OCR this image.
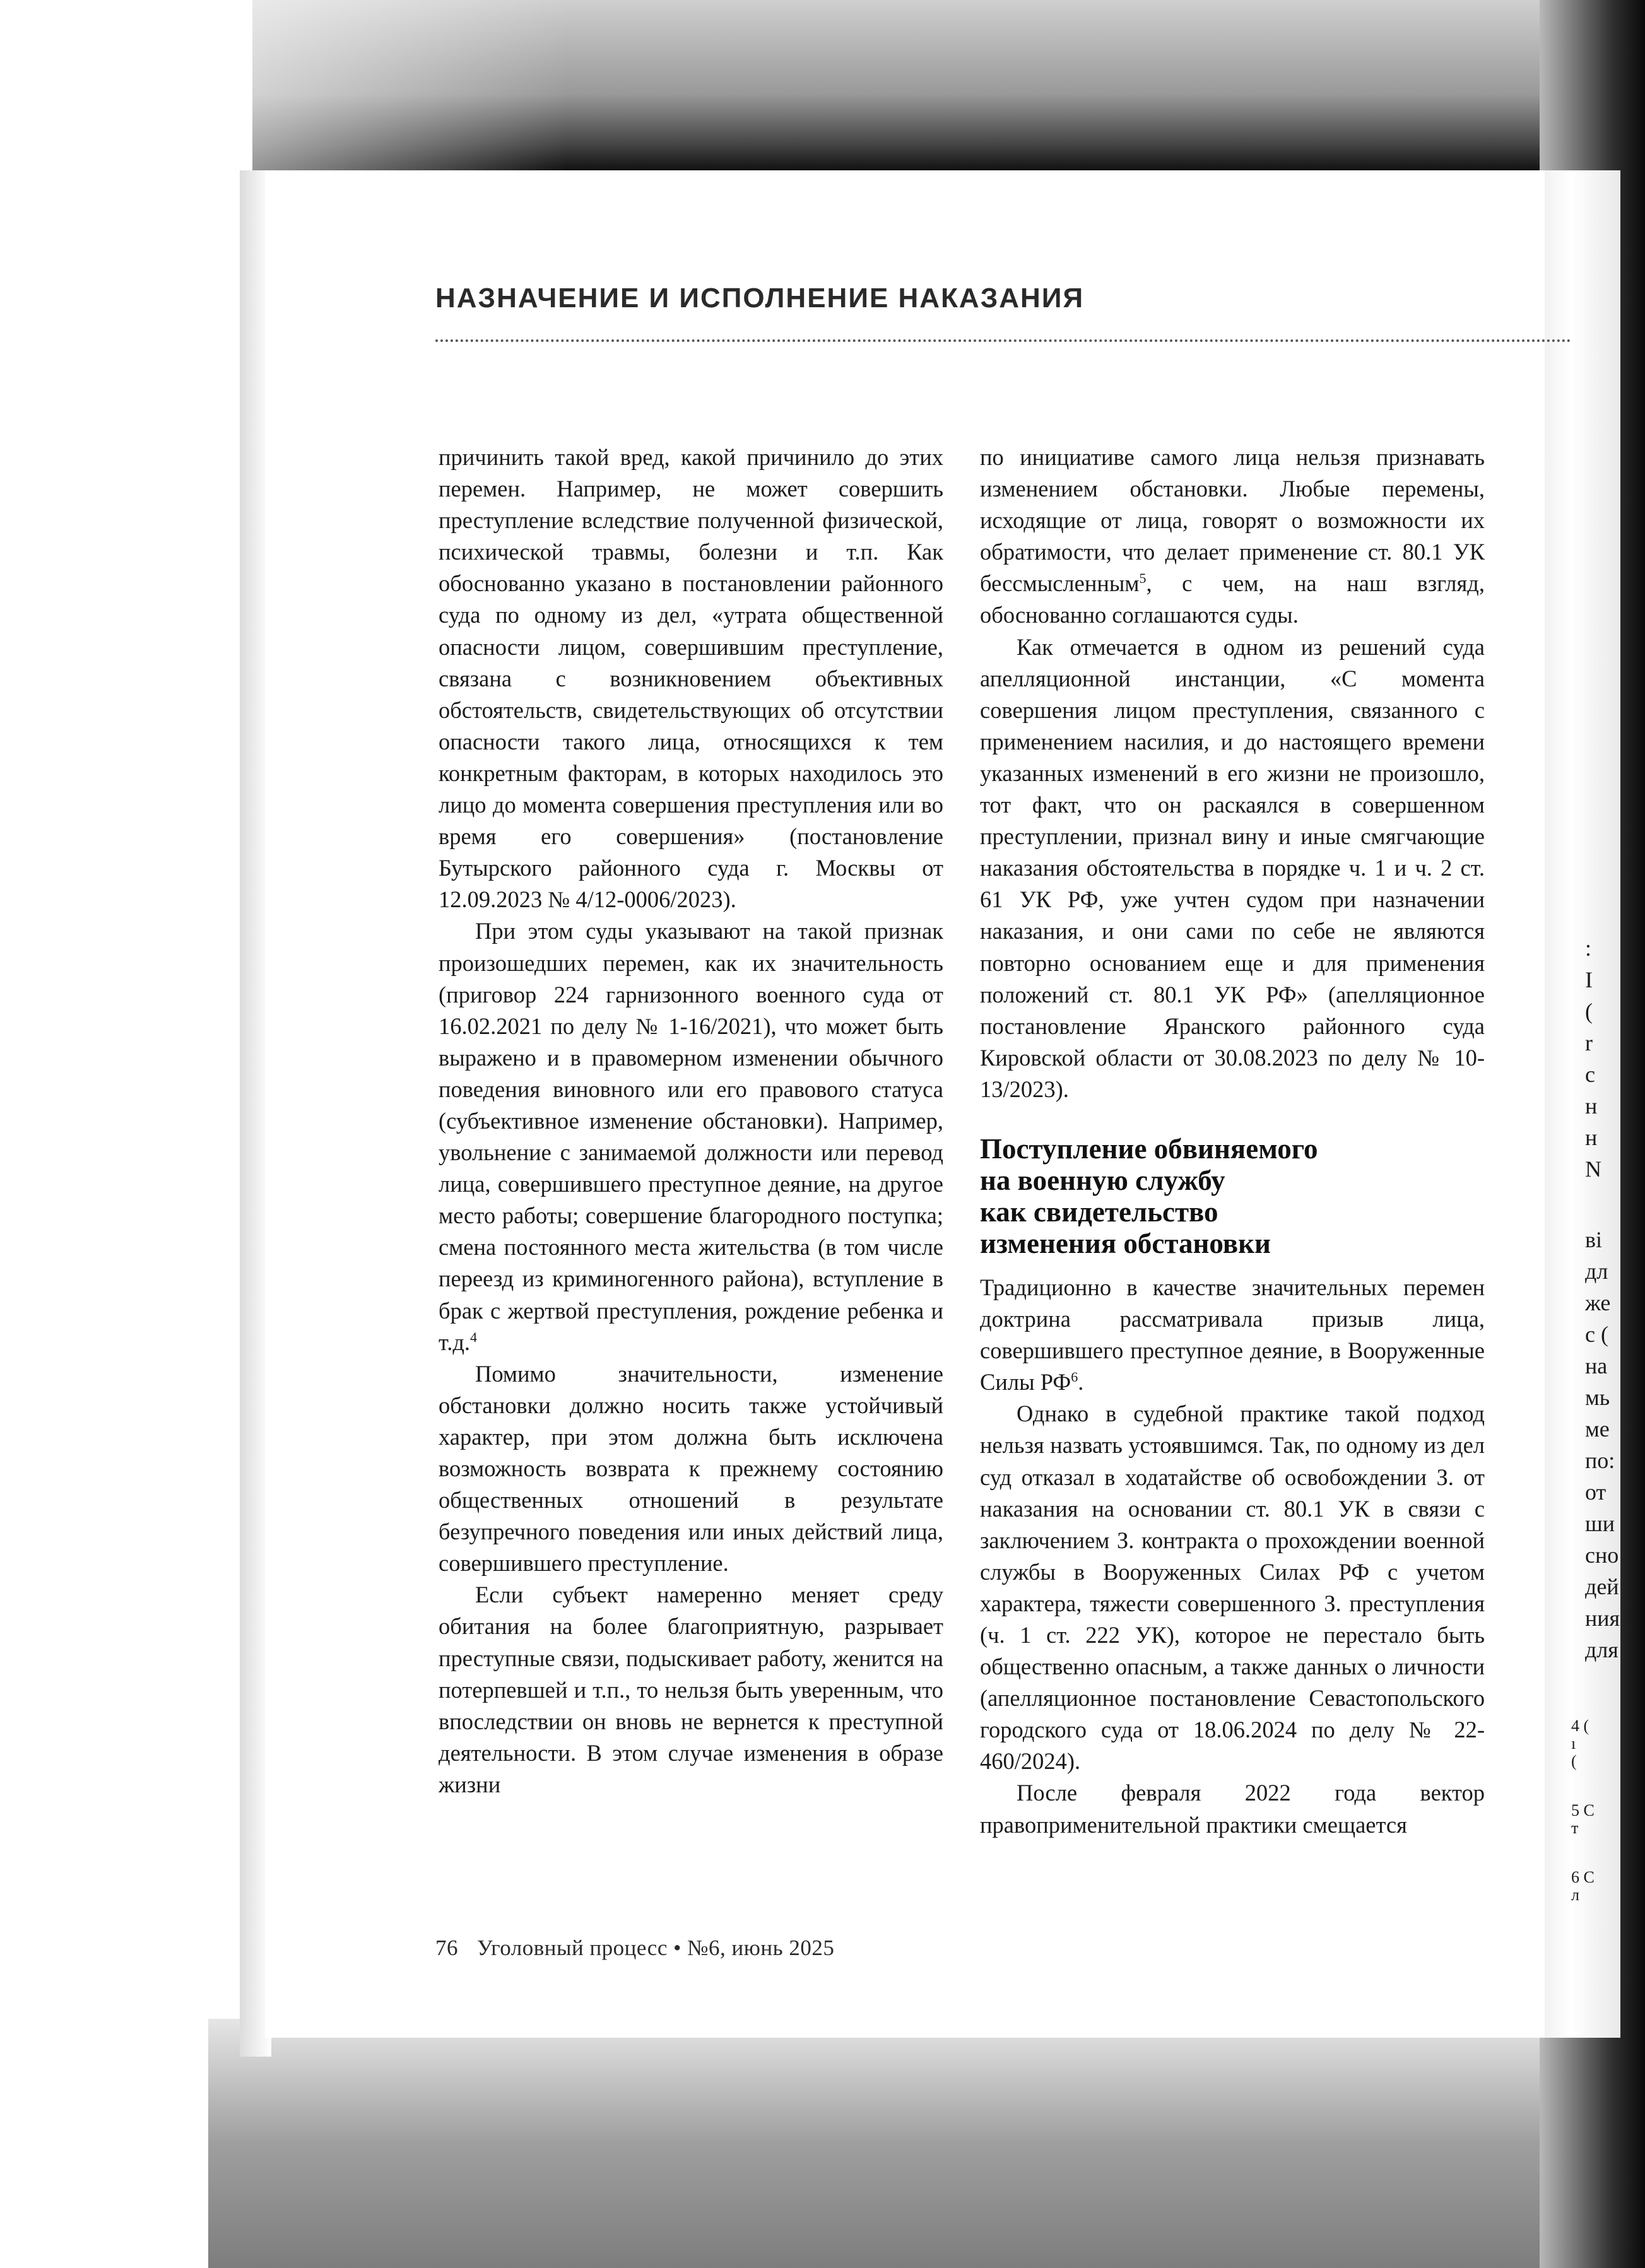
НАЗНАЧЕНИЕ И ИСПОЛНЕНИЕ НАКАЗАНИЯ

причинить такой вред, какой причинило до этих перемен. Например, не может совершить преступление вследствие полученной физической, психической травмы, болезни и т.п. Как обоснованно указано в постановлении районного суда по одному из дел, «утрата общественной опасности лицом, совершившим преступление, связана с возникновением объективных обстоятельств, свидетельствующих об отсутствии опасности такого лица, относящихся к тем конкретным факторам, в которых находилось это лицо до момента совершения преступления или во время его совершения» (постановление Бутырского районного суда г. Москвы от 12.09.2023 № 4/12-0006/2023).

При этом суды указывают на такой признак произошедших перемен, как их значительность (приговор 224 гарнизонного военного суда от 16.02.2021 по делу № 1-16/2021), что может быть выражено и в правомерном изменении обычного поведения виновного или его правового статуса (субъективное изменение обстановки). Например, увольнение с занимаемой должности или перевод лица, совершившего преступное деяние, на другое место работы; совершение благородного поступка; смена постоянного места жительства (в том числе переезд из криминогенного района), вступление в брак с жертвой преступления, рождение ребенка и т.д.$^4$

Помимо значительности, изменение обстановки должно носить также устойчивый характер, при этом должна быть исключена возможность возврата к прежнему состоянию общественных отношений в результате безупречного поведения или иных действий лица, совершившего преступление.

Если субъект намеренно меняет среду обитания на более благоприятную, разрывает преступные связи, подыскивает работу, женится на потерпевшей и т.п., то нельзя быть уверенным, что впоследствии он вновь не вернется к преступной деятельности. В этом случае изменения в образе жизни

по инициативе самого лица нельзя признавать изменением обстановки. Любые перемены, исходящие от лица, говорят о возможности их обратимости, что делает применение ст. 80.1 УК бессмысленным$^5$, с чем, на наш взгляд, обоснованно соглашаются суды.

Как отмечается в одном из решений суда апелляционной инстанции, «С момента совершения лицом преступления, связанного с применением насилия, и до настоящего времени указанных изменений в его жизни не произошло, тот факт, что он раскаялся в совершенном преступлении, признал вину и иные смягчающие наказания обстоятельства в порядке ч. 1 и ч. 2 ст. 61 УК РФ, уже учтен судом при назначении наказания, и они сами по себе не являются повторно основанием еще и для применения положений ст. 80.1 УК РФ» (апелляционное постановление Яранского районного суда Кировской области от 30.08.2023 по делу № 10-13/2023).

Поступление обвиняемого
на военную службу
как свидетельство
изменения обстановки

Традиционно в качестве значительных перемен доктрина рассматривала призыв лица, совершившего преступное деяние, в Вооруженные Силы $РФ^6$.

Однако в судебной практике такой подход нельзя назвать устоявшимся. Так, по одному из дел суд отказал в ходатайстве об освобождении З. от наказания на основании ст. 80.1 УК в связи с заключением З. контракта о прохождении военной службы в Вооруженных Силах РФ с учетом характера, тяжести совершенного З. преступления (ч. 1 ст. 222 УК), которое не перестало быть общественно опасным, а также данных о личности (апелляционное постановление Севастопольского городского суда от 18.06.2024 по делу № 22-460/2024).

После февраля 2022 года вектор правоприменительной практики смещается

76 Уголовный процесс • №6, июнь 2025
:
I
(
r
c
н
н
N
ві
дл
же
с (
на
мь
ме
по:
от
ши
сно
дей
ния
для
4 (
ı
(
5 С
т
6 С
л
